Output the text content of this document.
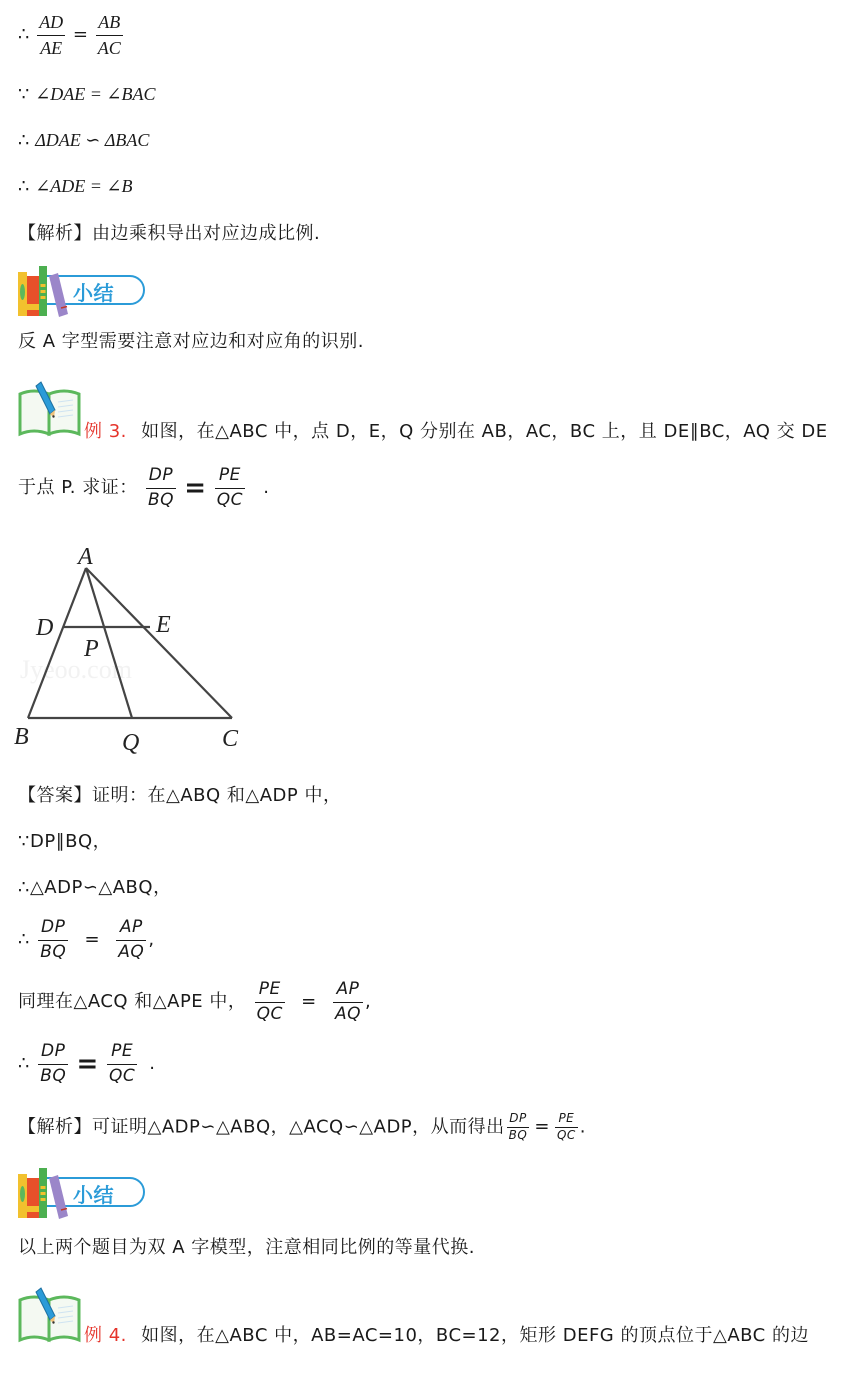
∴ $\frac{AD}{AE} = \frac{AB}{AC}$
∵ ∠DAE = ∠BAC
∴ ΔDAE ∽ ΔBAC
∴ ∠ADE = ∠B
【解析】由边乘积导出对应边成比例.
小结
反 A 字型需要注意对应边和对应角的识别.
例 3. 如图，在△ABC 中，点 D，E，Q 分别在 AB，AC，BC 上，且 DE∥BC，AQ 交 DE
于点 P. 求证： $\frac{DP}{BQ} = \frac{PE}{QC}$ .
Jyeoo.com
A
D	E
P
B	Q	C
【答案】证明：在△ABQ 和△ADP 中，
∵DP∥BQ，
∴△ADP∽△ABQ，
∴ $\frac{DP}{BQ} = \frac{AP}{AQ}$ ,
同理在△ACQ 和△APE 中， $\frac{PE}{QC} = \frac{AP}{AQ}$ ,
∴ $\frac{DP}{BQ} = \frac{PE}{QC}$ .
【解析】可证明△ADP∽△ABQ，△ACQ∽△ADP，从而得出 $\frac{DP}{BQ} = \frac{PE}{QC}$ .
小结
以上两个题目为双 A 字模型，注意相同比例的等量代换.
例 4. 如图，在△ABC 中，AB=AC=10，BC=12，矩形 DEFG 的顶点位于△ABC 的边
